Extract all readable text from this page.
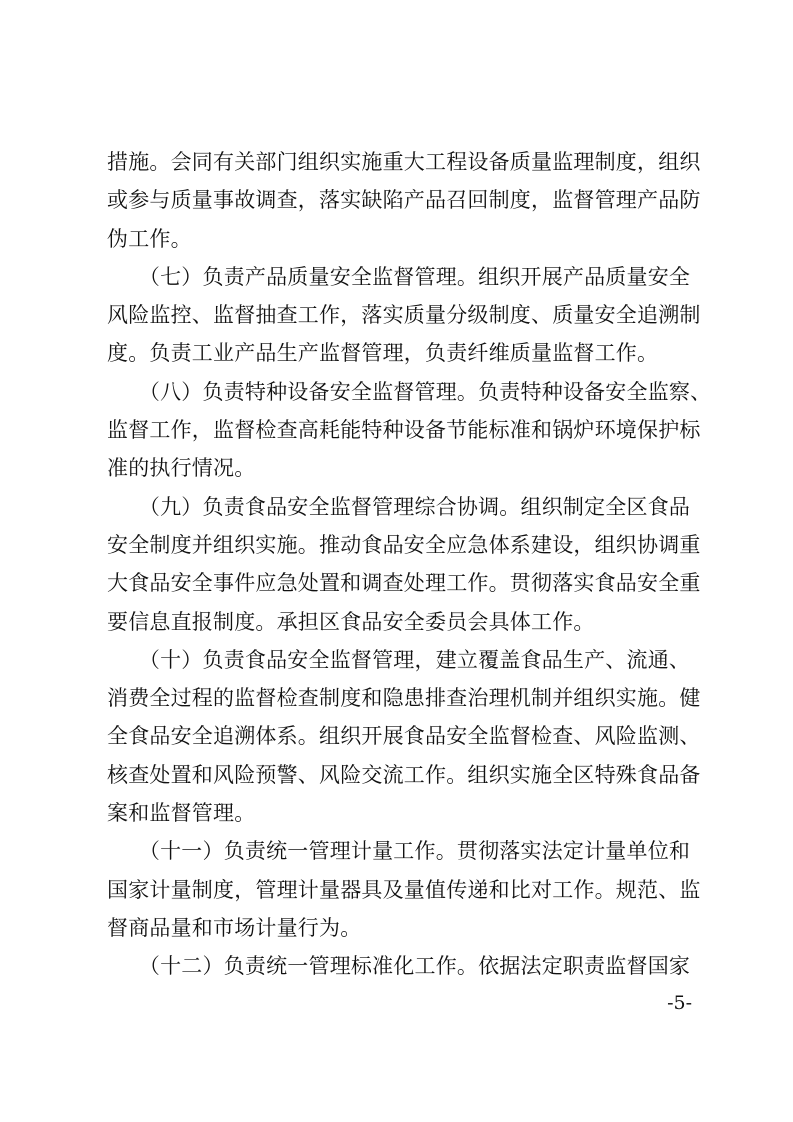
措施。会同有关部门组织实施重大工程设备质量监理制度，组织
或参与质量事故调查，落实缺陷产品召回制度，监督管理产品防
伪工作。
　　（七）负责产品质量安全监督管理。组织开展产品质量安全
风险监控、监督抽查工作，落实质量分级制度、质量安全追溯制
度。负责工业产品生产监督管理，负责纤维质量监督工作。
　　（八）负责特种设备安全监督管理。负责特种设备安全监察、
监督工作，监督检查高耗能特种设备节能标准和锅炉环境保护标
准的执行情况。
　　（九）负责食品安全监督管理综合协调。组织制定全区食品
安全制度并组织实施。推动食品安全应急体系建设，组织协调重
大食品安全事件应急处置和调查处理工作。贯彻落实食品安全重
要信息直报制度。承担区食品安全委员会具体工作。
　　（十）负责食品安全监督管理，建立覆盖食品生产、流通、
消费全过程的监督检查制度和隐患排查治理机制并组织实施。健
全食品安全追溯体系。组织开展食品安全监督检查、风险监测、
核查处置和风险预警、风险交流工作。组织实施全区特殊食品备
案和监督管理。
　　（十一）负责统一管理计量工作。贯彻落实法定计量单位和
国家计量制度，管理计量器具及量值传递和比对工作。规范、监
督商品量和市场计量行为。
　　（十二）负责统一管理标准化工作。依据法定职责监督国家
-5-
